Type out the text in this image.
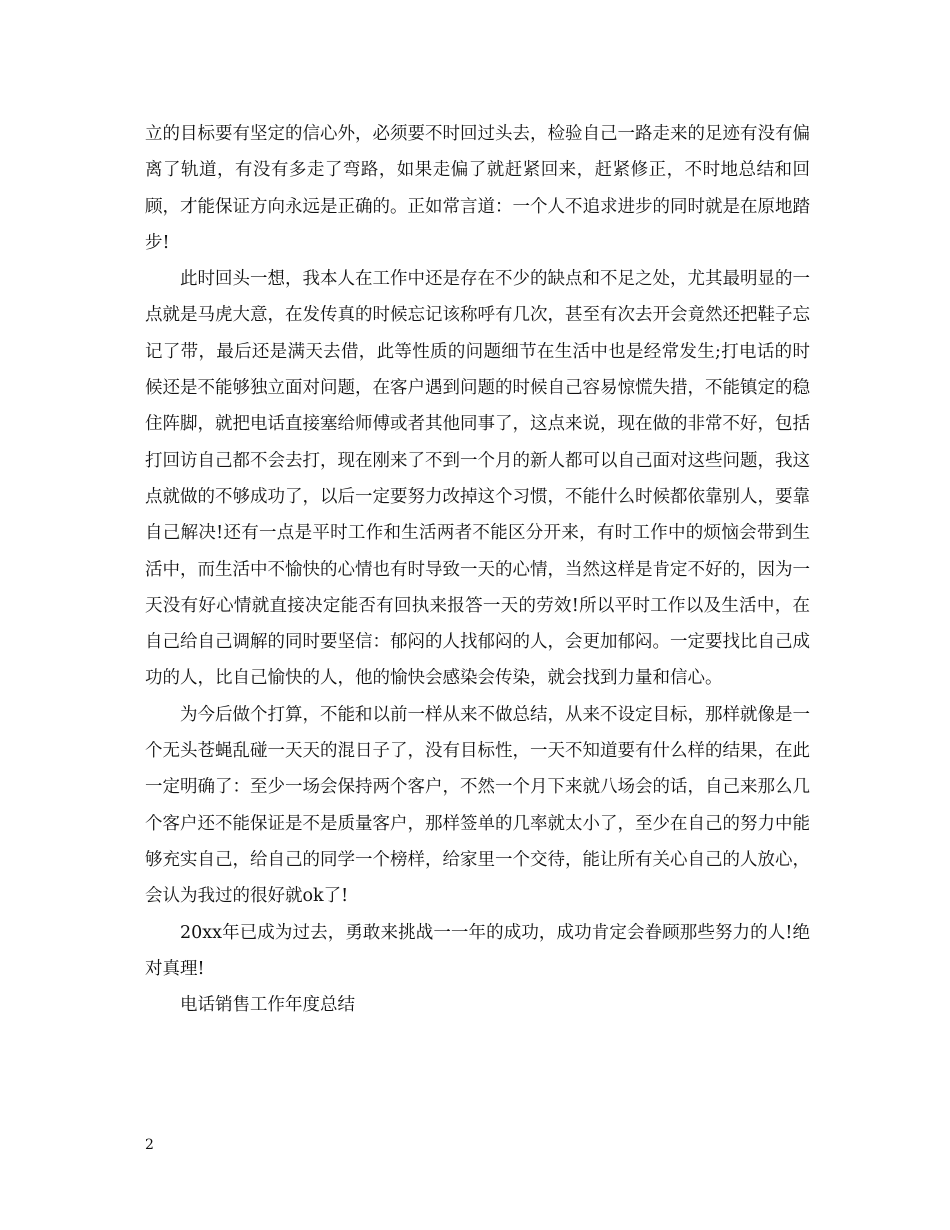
立的目标要有坚定的信心外，必须要不时回过头去，检验自己一路走来的足迹有没有偏离了轨道，有没有多走了弯路，如果走偏了就赶紧回来，赶紧修正，不时地总结和回顾，才能保证方向永远是正确的。正如常言道：一个人不追求进步的同时就是在原地踏步!

此时回头一想，我本人在工作中还是存在不少的缺点和不足之处，尤其最明显的一点就是马虎大意，在发传真的时候忘记该称呼有几次，甚至有次去开会竟然还把鞋子忘记了带，最后还是满天去借，此等性质的问题细节在生活中也是经常发生;打电话的时候还是不能够独立面对问题，在客户遇到问题的时候自己容易惊慌失措，不能镇定的稳住阵脚，就把电话直接塞给师傅或者其他同事了，这点来说，现在做的非常不好，包括打回访自己都不会去打，现在刚来了不到一个月的新人都可以自己面对这些问题，我这点就做的不够成功了，以后一定要努力改掉这个习惯，不能什么时候都依靠别人，要靠自己解决!还有一点是平时工作和生活两者不能区分开来，有时工作中的烦恼会带到生活中，而生活中不愉快的心情也有时导致一天的心情，当然这样是肯定不好的，因为一天没有好心情就直接决定能否有回执来报答一天的劳效!所以平时工作以及生活中，在自己给自己调解的同时要坚信：郁闷的人找郁闷的人，会更加郁闷。一定要找比自己成功的人，比自己愉快的人，他的愉快会感染会传染，就会找到力量和信心。

为今后做个打算，不能和以前一样从来不做总结，从来不设定目标，那样就像是一个无头苍蝇乱碰一天天的混日子了，没有目标性，一天不知道要有什么样的结果，在此一定明确了：至少一场会保持两个客户，不然一个月下来就八场会的话，自己来那么几个客户还不能保证是不是质量客户，那样签单的几率就太小了，至少在自己的努力中能够充实自己，给自己的同学一个榜样，给家里一个交待，能让所有关心自己的人放心，会认为我过的很好就ok了!

20xx年已成为过去，勇敢来挑战一一年的成功，成功肯定会眷顾那些努力的人!绝对真理!

电话销售工作年度总结

2
